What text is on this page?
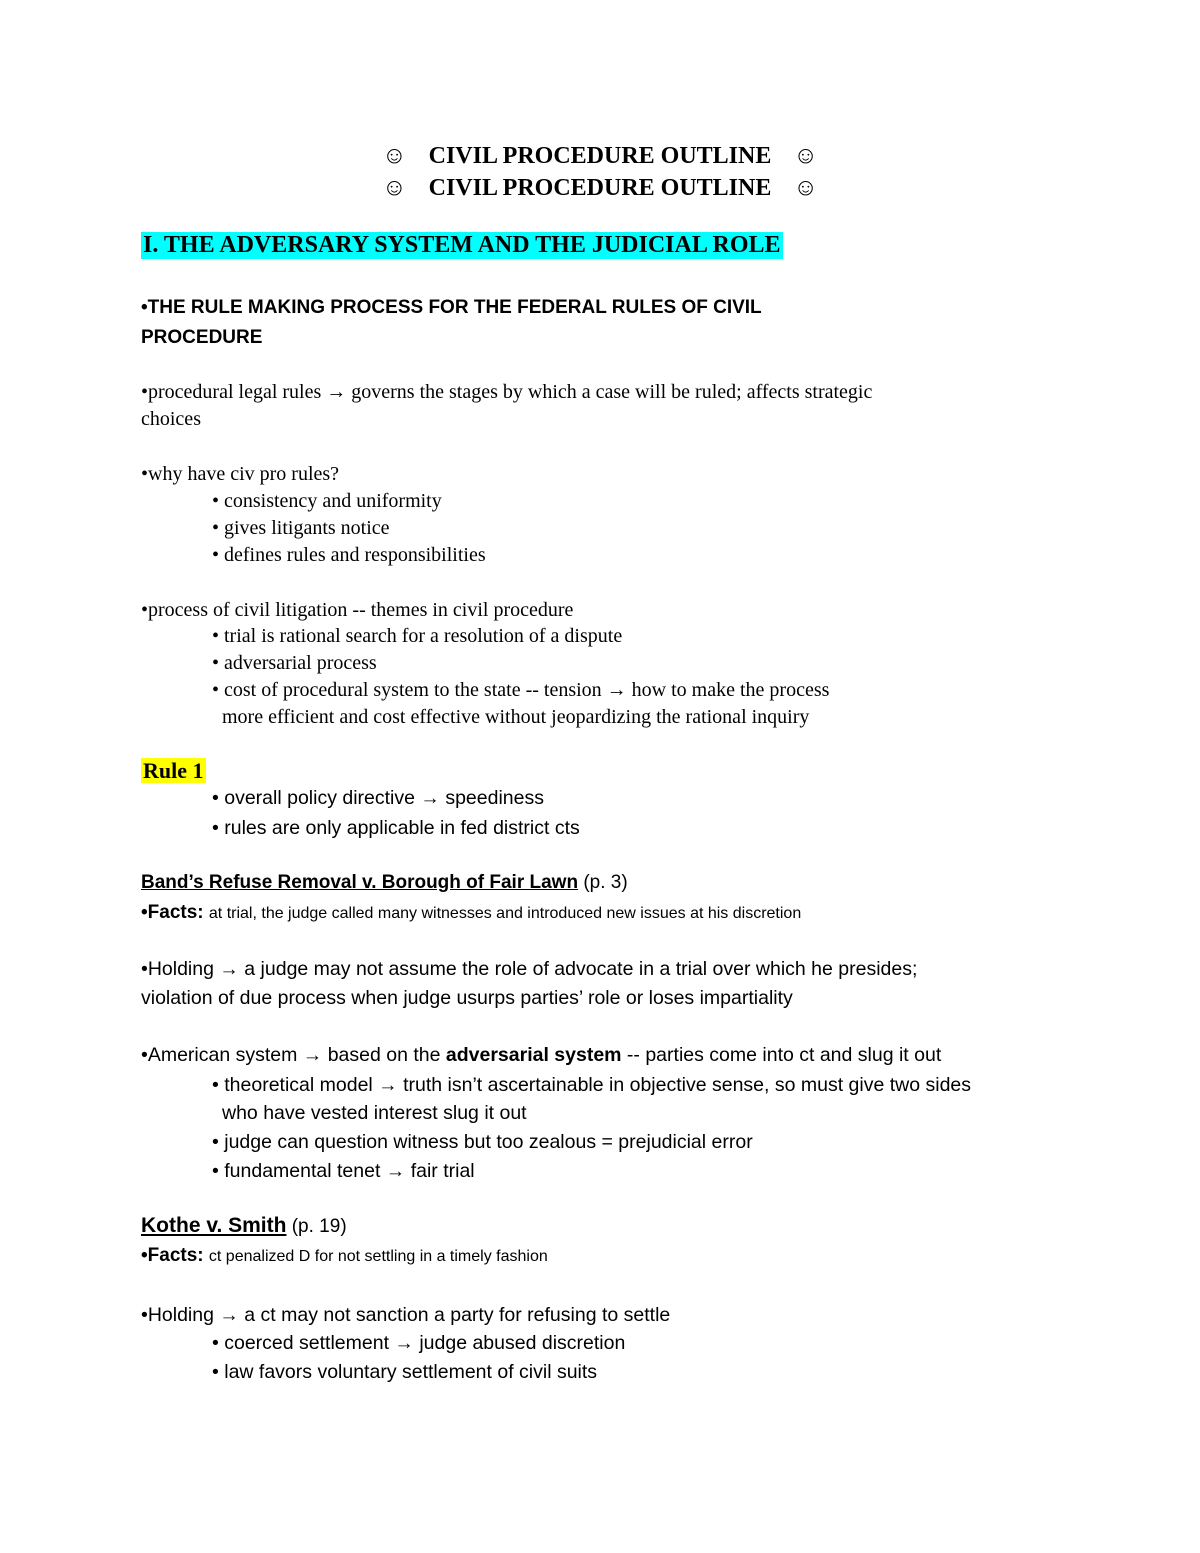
☺ CIVIL PROCEDURE OUTLINE ☺
☺ CIVIL PROCEDURE OUTLINE ☺
I. THE ADVERSARY SYSTEM AND THE JUDICIAL ROLE
•THE RULE MAKING PROCESS FOR THE FEDERAL RULES OF CIVIL
PROCEDURE
•procedural legal rules → governs the stages by which a case will be ruled; affects strategic
choices
•why have civ pro rules?
• consistency and uniformity
• gives litigants notice
• defines rules and responsibilities
•process of civil litigation -- themes in civil procedure
• trial is rational search for a resolution of a dispute
• adversarial process
• cost of procedural system to the state -- tension → how to make the process
more efficient and cost effective without jeopardizing the rational inquiry
Rule 1
• overall policy directive → speediness
• rules are only applicable in fed district cts
Band’s Refuse Removal v. Borough of Fair Lawn (p. 3)
•Facts: at trial, the judge called many witnesses and introduced new issues at his discretion
•Holding → a judge may not assume the role of advocate in a trial over which he presides;
violation of due process when judge usurps parties’ role or loses impartiality
•American system → based on the adversarial system -- parties come into ct and slug it out
• theoretical model → truth isn’t ascertainable in objective sense, so must give two sides
who have vested interest slug it out
• judge can question witness but too zealous = prejudicial error
• fundamental tenet → fair trial
Kothe v. Smith (p. 19)
•Facts: ct penalized D for not settling in a timely fashion
•Holding → a ct may not sanction a party for refusing to settle
• coerced settlement → judge abused discretion
• law favors voluntary settlement of civil suits
